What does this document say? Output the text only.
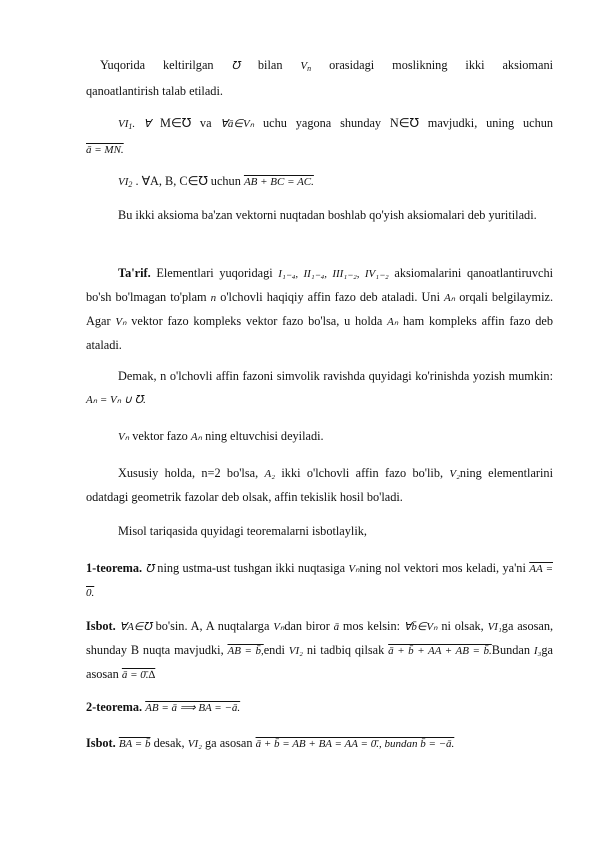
Yuqorida keltirilgan ℧ bilan Vn orasidagi moslikning ikki aksiomani
qanoatlantirish talab etiladi.
VI1. ∀ M∈℧ va ∀ā∈Vₙ uchu yagona shunday N∈℧ mavjudki, uning uchun
ā = MN.
VI2 . ∀A, B, C∈℧ uchun AB + BC = AC.
Bu ikki aksioma ba'zan vektorni nuqtadan boshlab qo'yish aksiomalari deb yuritiladi.
Ta'rif. Elementlari yuqoridagi I₁₋₄, II₁₋₄, III₁₋₂, IV₁₋₂ aksiomalarini qanoatlantiruvchi bo'sh bo'lmagan to'plam n o'lchovli haqiqiy affin fazo deb ataladi. Uni Aₙ orqali belgilaymiz. Agar Vₙ vektor fazo kompleks vektor fazo bo'lsa, u holda Aₙ ham kompleks affin fazo deb ataladi.
Demak, n o'lchovli affin fazoni simvolik ravishda quyidagi ko'rinishda yozish mumkin: Aₙ = Vₙ ∪ ℧.
Vₙ vektor fazo Aₙ ning eltuvchisi deyiladi.
Xususiy holda, n=2 bo'lsa, A₂ ikki o'lchovli affin fazo bo'lib, V₂ning elementlarini odatdagi geometrik fazolar deb olsak, affin tekislik hosil bo'ladi.
Misol tariqasida quyidagi teoremalarni isbotlaylik,
1-teorema. ℧ ning ustma-ust tushgan ikki nuqtasiga Vₙning nol vektori mos keladi, ya'ni AA = 0.
Isbot. ∀A∈℧ bo'sin. A, A nuqtalarga Vₙdan biror ā mos kelsin: ∀b̄∈Vₙ ni olsak, VI₁ga asosan, shunday B nuqta mavjudki, AB = b̄,endi VI₂ ni tadbiq qilsak ā + b̄ + AA + AB = b̄.Bundan I₃ga asosan ā = 0̄.∆
2-teorema. AB = ā ⟹ BA = −ā.
Isbot. BA = b̄ desak, VI₂ ga asosan ā + b̄ = AB + BA = AA = 0̄., bundan b̄ = −ā.
